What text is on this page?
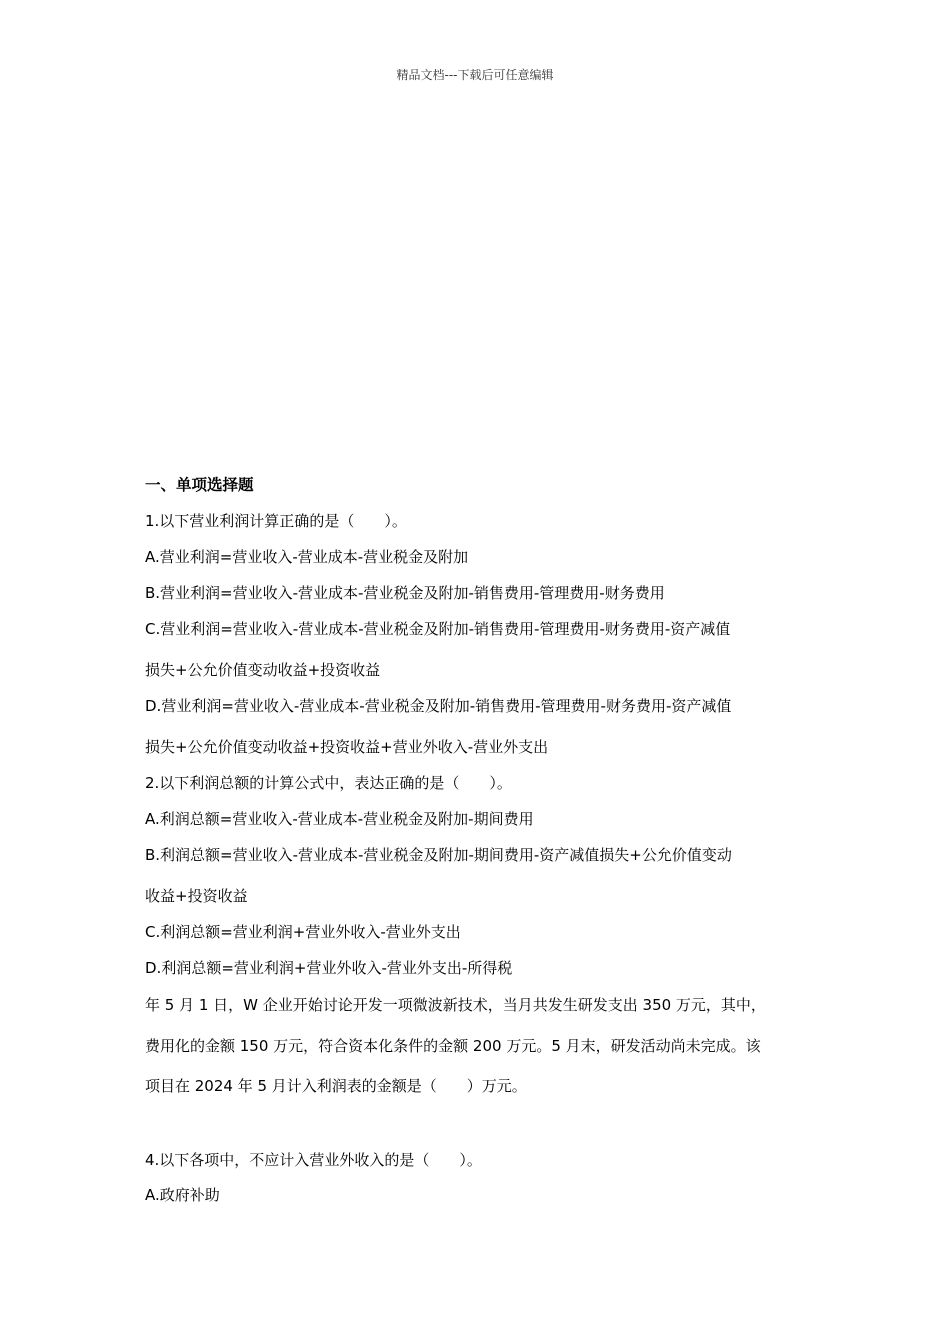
精品文档---下载后可任意编辑
一、单项选择题
1.以下营业利润计算正确的是（　　）。
A.营业利润=营业收入-营业成本-营业税金及附加
B.营业利润=营业收入-营业成本-营业税金及附加-销售费用-管理费用-财务费用
C.营业利润=营业收入-营业成本-营业税金及附加-销售费用-管理费用-财务费用-资产减值
损失+公允价值变动收益+投资收益
D.营业利润=营业收入-营业成本-营业税金及附加-销售费用-管理费用-财务费用-资产减值
损失+公允价值变动收益+投资收益+营业外收入-营业外支出
2.以下利润总额的计算公式中，表达正确的是（　　）。
A.利润总额=营业收入-营业成本-营业税金及附加-期间费用
B.利润总额=营业收入-营业成本-营业税金及附加-期间费用-资产减值损失+公允价值变动
收益+投资收益
C.利润总额=营业利润+营业外收入-营业外支出
D.利润总额=营业利润+营业外收入-营业外支出-所得税
年 5 月 1 日，W 企业开始讨论开发一项微波新技术，当月共发生研发支出 350 万元，其中，
费用化的金额 150 万元，符合资本化条件的金额 200 万元。5 月末，研发活动尚未完成。该
项目在 2024 年 5 月计入利润表的金额是（　　）万元。
4.以下各项中，不应计入营业外收入的是（　　）。
A.政府补助
